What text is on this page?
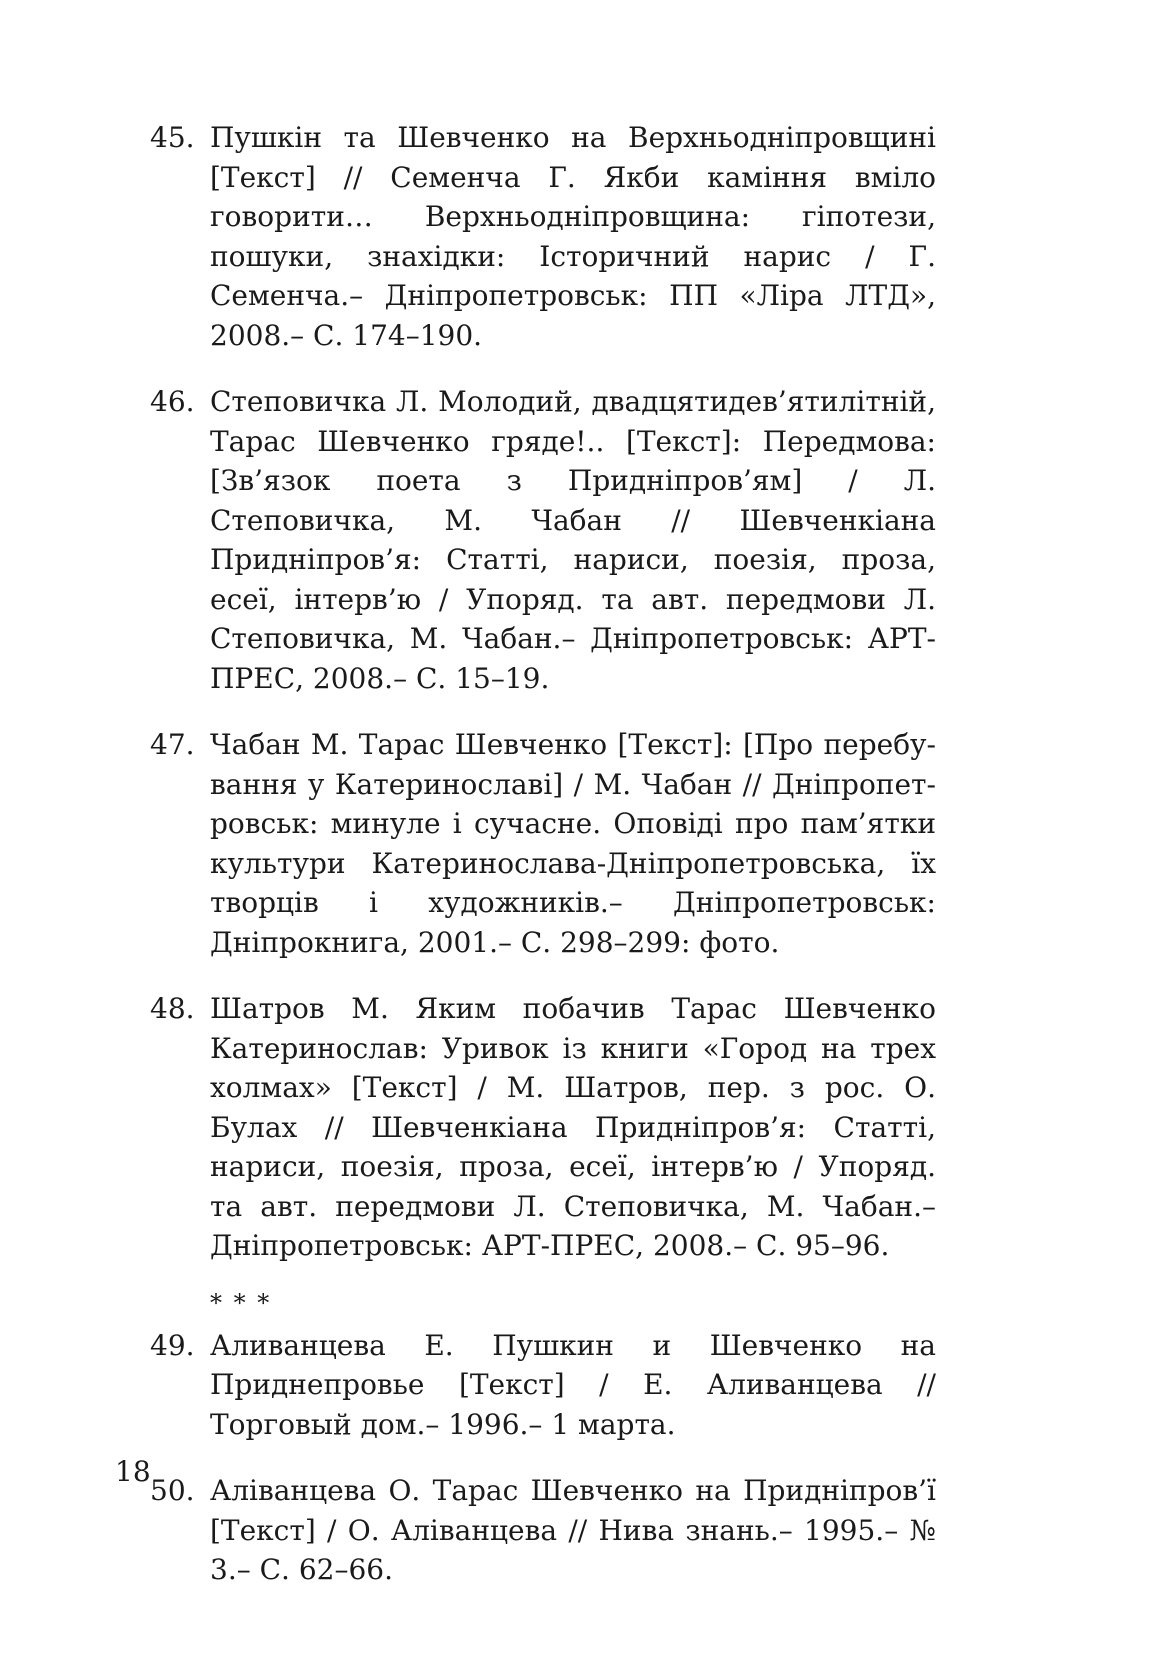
45. Пушкін та Шевченко на Верхньодніпровщині [Текст] // Семенча Г. Якби каміння вміло говорити… Верхньодніпровщина: гіпотези, пошуки, знахідки: Історичний нарис / Г. Семенча.– Дніпропетровськ: ПП «Ліра ЛТД», 2008.– С. 174–190.
46. Степовичка Л. Молодий, двадцятидев’ятилітній, Тарас Шевченко гряде!.. [Текст]: Передмова: [Зв’язок поета з Придніпров’ям] / Л. Степовичка, М. Чабан // Шевченкіана Придніпров’я: Статті, нариси, поезія, проза, есеї, інтерв’ю / Упоряд. та авт. передмови Л. Степовичка, М. Чабан.– Дніпропетровськ: АРТ-ПРЕС, 2008.– С. 15–19.
47. Чабан М. Тарас Шевченко [Текст]: [Про перебування у Катеринославі] / М. Чабан // Дніпропетровськ: минуле і сучасне. Оповіді про пам’ятки культури Катеринослава-Дніпропетровська, їх творців і художників.– Дніпропетровськ: Дніпрокнига, 2001.– С. 298–299: фото.
48. Шатров М. Яким побачив Тарас Шевченко Катеринослав: Уривок із книги «Город на трех холмах» [Текст] / М. Шатров, пер. з рос. О. Булах // Шевченкіана Придніпров’я: Статті, нариси, поезія, проза, есеї, інтерв’ю / Упоряд. та авт. передмови Л. Степовичка, М. Чабан.– Дніпропетровськ: АРТ-ПРЕС, 2008.– С. 95–96.
* * *
49. Аливанцева Е. Пушкин и Шевченко на Приднепровье [Текст] / Е. Аливанцева // Торговый дом.– 1996.– 1 марта.
50. Аліванцева О. Тарас Шевченко на Придніпров’ї [Текст] / О. Аліванцева // Нива знань.– 1995.– № 3.– С. 62–66.
18
